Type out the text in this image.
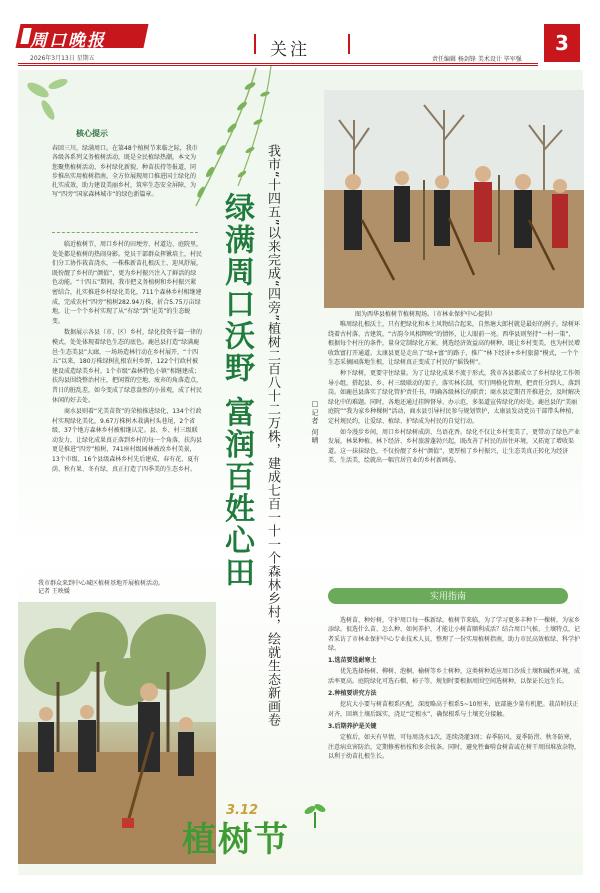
周口晚报
2026年3月13日 星期五	关注	责任编辑 杨剑锋 美术设计 毕军强
3
核心提示
春回三川，绿满周口。在第48个植树节来临之际，我市各级各系列义务植树活动，既是全民植绿热潮，本文为您聚焦植树活动、乡村绿化新貌、种苗扶持等报道，同步推出实用植树指南，全方位展现周口推进国土绿化的扎实成效，助力建设美丽乡村，筑牢生态安全屏障，为写“四旁”国家森林城市“的绿色新篇章。

临近植树节，周口乡村的田埂旁、村道边、庭院里，处处都是植树的热闹身影。党员干部群众挥锹培土，村民们分工协作栽苗浇水，一株株新苗扎根沃土、迎风舒展，既扮靓了乡村的“颜值”，更为乡村振兴注入了鲜活的绿色动能。“十四五”期间，我市把义务植树和乡村振兴紧密结合，扎实推进乡村绿化美化，711个森林乡村相继建成，完成农村“四旁”植树282.94万株，折合5.75万亩绿地，让一个个乡村实现了从“有绿”到“见美”的生态蜕变。

数据展示各县（市、区）乡村，绿化投资千篇一律的模式，处处体现着绿色生态的底色。鹿邑县打造“绿满鹿邑·生态美县”大廊，一场场造林行动在乡村展开，“十四五”以来，180万株绿树扎根农村乡野，122个行政村被建设成造绿美乡村，1个市级“森林特色小镇”相继建成；扶沟县围绕整治村庄，把闲置的空地、废弃的角落造点，昔日的脏乱差，如今变成了绿意盎然的小景观，成了村民休闲的好去处。

商水县则着“光美苗资”的荣植推进绿化，134个行政村实现绿化美化，9.67万株树木栽满村头巷尾，2个省级、37个地方森林乡村被相继认定。县、乡、村三级联动发力，让绿化成果真正落到乡村的每一个角落，扶沟县更是推进“四旁”植树，741座村级园林被改乡村美景，13个市级、16个县级森林乡村先后建成，春有花、夏有荫、秋有果、冬有绿，真正打造了四季美的生态乡村。

我市群众来到中心城区植树基地开展植树活动。
记者 王映媛
绿满周口沃野 富润百姓心田 我市“十四五”以来完成“四旁”植树二百八十二万株，建成七百一十一个森林乡村，绘就生态新画卷	□记者 何晴
图为西华县植树节植树现场。（市林业保护中心提供）

唯周绿扎根沃土，只有把绿化和本土风物结合起来，自然塘大郎村就是最好的例子，绿树环绕着古村落、古建筑，“古韵今风相辉映”的情怀，让人眼前一亮。西华县则坚持“一村一策”，根据每个村庄的条件，量身定制绿化方案，挑选经济效益高的树种，既让乡村变美，也为村民增收致富打开通道。太康县更是走出了“绿+富”的路子，推广“林下经济+乡村旅游”模式，一个个生态采摘园落地生根，让绿树真正变成了村民的“摇钱树”。

种下绿树，更要守住绿量。为了让绿化成果不流于形式，我市各县都成立了乡村绿化工作领导小组，搭起县、乡、村三级联动的架子，落实林长制，实行网格化管理，把责任分到人、落到岗。如鹿邑县落实了绿化管护责任书，明确各级林长的职责；商水县定期召开推进会，及时解决绿化中的难题。同时，各地还通过挂牌督导、办示范，多渠道宣传绿化的好处。鹿邑县的“美丽庭院”“我为家乡种棵树”活动，商水县引导村民参与规划管护，太康县发动党员干部带头种植，定村规民约，让爱绿、植绿、护绿成为村民的自觉行动。

如今漫步乡间，周口乡村绿树成荫、鸟语花香。绿化不仅让乡村变美了，更带动了绿色产业发展，林果种植、林下经济、乡村旅游蓬勃兴起，既改善了村民的居住环境，又拓宽了增收渠道。这一抹抹绿色，不仅扮靓了乡村“颜值”，更厚植了乡村振兴，让生态美真正转化为经济美、生活美，绘就出一幅宜居宜业的乡村新画卷。

实用指南

选树苗、种好树，守护周口每一株新绿。植树节来临，为了学习更多丰种下一棵树，为家乡添绿。很选什么苗、怎么种、如何养护，才能让小树苗顺利成活？结合周口气候、土壤特点，记者采访了市林业保护中心专业技术人员，整理了一份实用植树指南，助力市民高效植绿、科学护绿。

1.选苗要选耐寒土

优先选择杨树、柳树、泡桐、榆树等乡土树种，这类树种适应周口沙质土壤和碱性环境，成活率更高。庭院绿化可选石榴、柿子等，规划时要根据周围空间选树种，以保证长远生长。

2.种植要讲究方法

挖坑大小要与树苗根系匹配，深度略高于根系5~10厘米，底部施少量有机肥。栽苗时扶正对齐，回填土壤后踩实，浇足“定根水”，确保根系与土壤充分接触。

3.后期养护是关键

定植后，如天有旱情，可每周浇水1次，连续浇灌3周；春季防风、夏季防涝、秋冬防寒，注意病虫害防治，定期修剪枯枝和多余枝条。同时，避免牲畜啃食树苗或在树干周围堆放杂物，以利于幼苗扎根生长。

3.12
植树节
